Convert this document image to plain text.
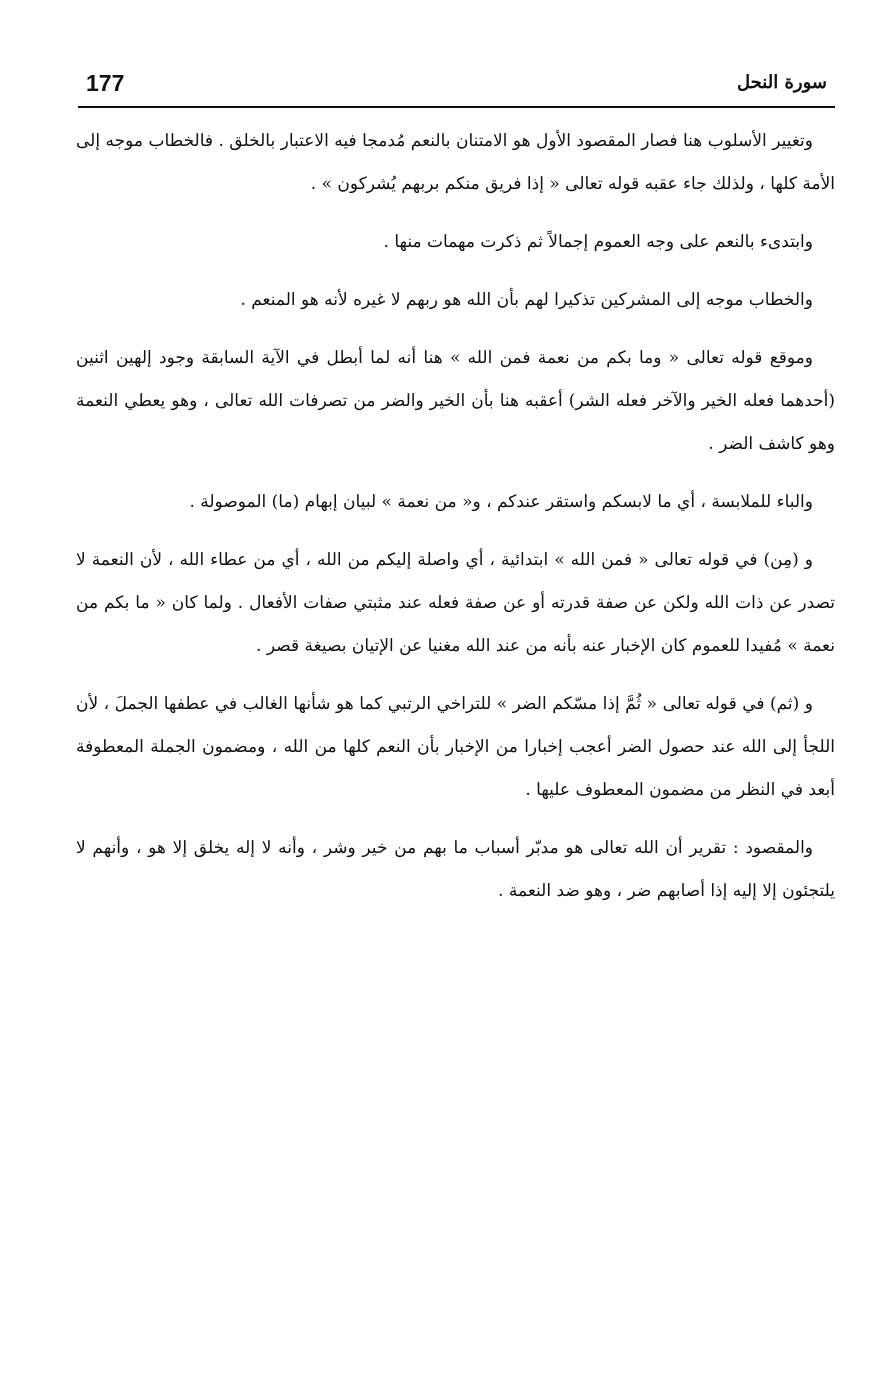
177	سورة النحل

وتغيير الأسلوب هنا فصار المقصود الأول هو الامتنان بالنعم مُدمجا فيه الاعتبار بالخلق . فالخطاب موجه إلى الأمة كلها ، ولذلك جاء عقبه قوله تعالى « إذا فريق منكم بربهم يُشركون » .

وابتدىء بالنعم على وجه العموم إجمالاً ثم ذكرت مهمات منها .

والخطاب موجه إلى المشركين تذكيرا لهم بأن الله هو ربهم لا غيره لأنه هو المنعم .

وموقع قوله تعالى « وما بكم من نعمة فمن الله » هنا أنه لما أبطل في الآية السابقة وجود إلهين اثنين (أحدهما فعله الخير والآخر فعله الشر) أعقبه هنا بأن الخير والضر من تصرفات الله تعالى ، وهو يعطي النعمة وهو كاشف الضر .

والباء للملابسة ، أي ما لابسكم واستقر عندكم ، و« من نعمة » لبيان إبهام (ما) الموصولة .

و (مِن) في قوله تعالى « فمن الله » ابتدائية ، أي واصلة إليكم من الله ، أي من عطاء الله ، لأن النعمة لا تصدر عن ذات الله ولكن عن صفة قدرته أو عن صفة فعله عند مثبتي صفات الأفعال . ولما كان « ما بكم من نعمة » مُفيدا للعموم كان الإخبار عنه بأنه من عند الله مغنيا عن الإتيان بصيغة قصر .

و (ثم) في قوله تعالى « ثُمَّ إذا مسّكم الضر » للتراخي الرتبي كما هو شأنها الغالب في عطفها الجملَ ، لأن اللجأ إلى الله عند حصول الضر أعجب إخبارا من الإخبار بأن النعم كلها من الله ، ومضمون الجملة المعطوفة أبعد في النظر من مضمون المعطوف عليها .

والمقصود : تقرير أن الله تعالى هو مدبّر أسباب ما بهم من خير وشر ، وأنه لا إله يخلق إلا هو ، وأنهم لا يلتجئون إلا إليه إذا أصابهم ضر ، وهو ضد النعمة .
